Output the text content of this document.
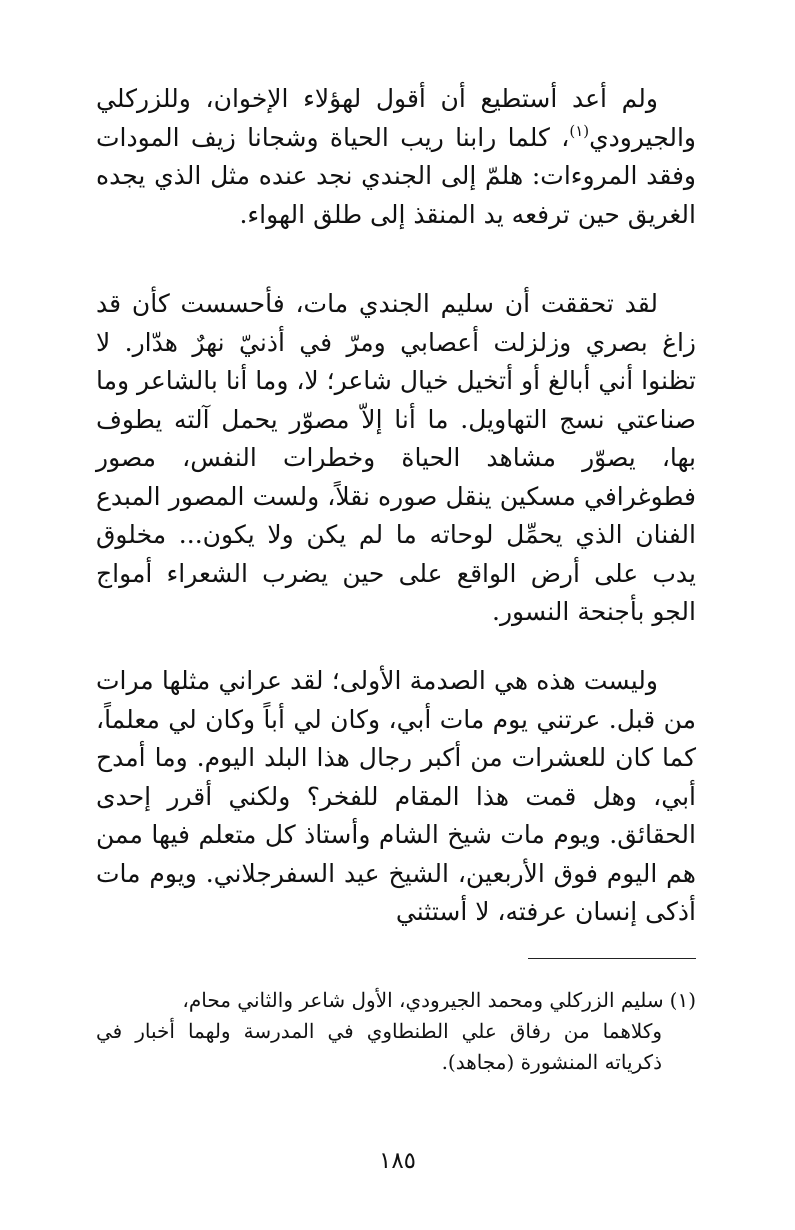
ولم أعد أستطيع أن أقول لهؤلاء الإخوان، وللزركلي والجيرودي$^{(١)}$، كلما رابنا ريب الحياة وشجانا زيف المودات وفقد المروءات: هلمّ إلى الجندي نجد عنده مثل الذي يجده الغريق حين ترفعه يد المنقذ إلى طلق الهواء.

لقد تحققت أن سليم الجندي مات، فأحسست كأن قد زاغ بصري وزلزلت أعصابي ومرّ في أذنيّ نهرٌ هدّار. لا تظنوا أني أبالغ أو أتخيل خيال شاعر؛ لا، وما أنا بالشاعر وما صناعتي نسج التهاويل. ما أنا إلاّ مصوّر يحمل آلته يطوف بها، يصوّر مشاهد الحياة وخطرات النفس، مصور فطوغرافي مسكين ينقل صوره نقلاً، ولست المصور المبدع الفنان الذي يحمِّل لوحاته ما لم يكن ولا يكون... مخلوق يدب على أرض الواقع على حين يضرب الشعراء أمواج الجو بأجنحة النسور.

وليست هذه هي الصدمة الأولى؛ لقد عراني مثلها مرات من قبل. عرتني يوم مات أبي، وكان لي أباً وكان لي معلماً، كما كان للعشرات من أكبر رجال هذا البلد اليوم. وما أمدح أبي، وهل قمت هذا المقام للفخر؟ ولكني أقرر إحدى الحقائق. ويوم مات شيخ الشام وأستاذ كل متعلم فيها ممن هم اليوم فوق الأربعين، الشيخ عيد السفرجلاني. ويوم مات أذكى إنسان عرفته، لا أستثني

(١)سليم الزركلي ومحمد الجيرودي، الأول شاعر والثاني محام،
وكلاهما من رفاق علي الطنطاوي في المدرسة ولهما أخبار في ذكرياته المنشورة (مجاهد).

١٨٥
